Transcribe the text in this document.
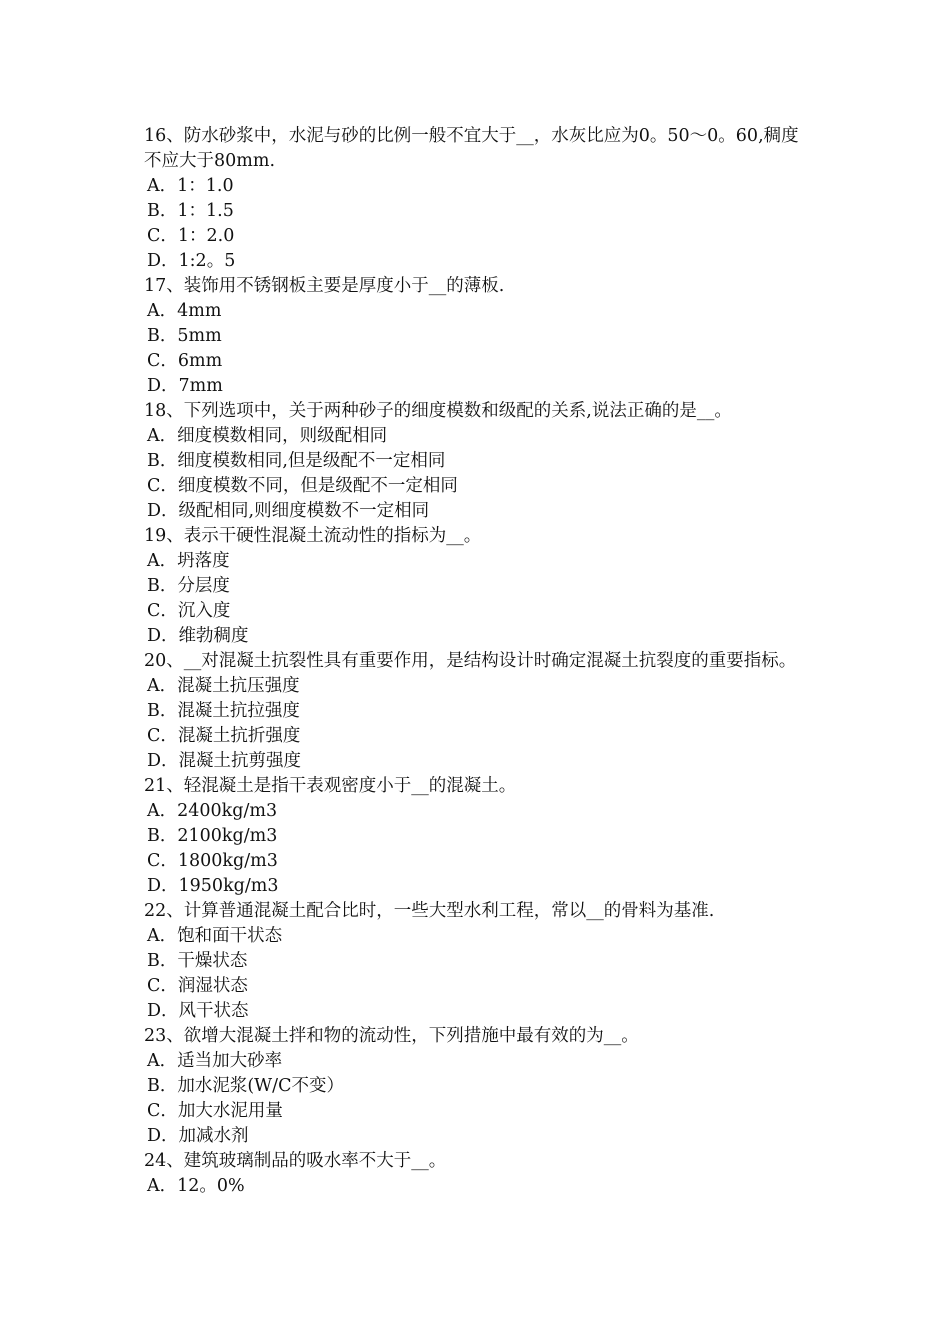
16、防水砂浆中，水泥与砂的比例一般不宜大于__，水灰比应为0。50～0。60,稠度不应大于80mm.
A．1：1.0
B．1：1.5
C．1：2.0
D．1:2。5
17、装饰用不锈钢板主要是厚度小于__的薄板.
A．4mm
B．5mm
C．6mm
D．7mm
18、下列选项中，关于两种砂子的细度模数和级配的关系,说法正确的是__。
A．细度模数相同，则级配相同
B．细度模数相同,但是级配不一定相同
C．细度模数不同，但是级配不一定相同
D．级配相同,则细度模数不一定相同
19、表示干硬性混凝土流动性的指标为__。
A．坍落度
B．分层度
C．沉入度
D．维勃稠度
20、__对混凝土抗裂性具有重要作用，是结构设计时确定混凝土抗裂度的重要指标。
A．混凝土抗压强度
B．混凝土抗拉强度
C．混凝土抗折强度
D．混凝土抗剪强度
21、轻混凝土是指干表观密度小于__的混凝土。
A．2400kg/m3
B．2100kg/m3
C．1800kg/m3
D．1950kg/m3
22、计算普通混凝土配合比时，一些大型水利工程，常以__的骨料为基准.
A．饱和面干状态
B．干燥状态
C．润湿状态
D．风干状态
23、欲增大混凝土拌和物的流动性，下列措施中最有效的为__。
A．适当加大砂率
B．加水泥浆(W/C不变）
C．加大水泥用量
D．加减水剂
24、建筑玻璃制品的吸水率不大于__。
A．12。0%
